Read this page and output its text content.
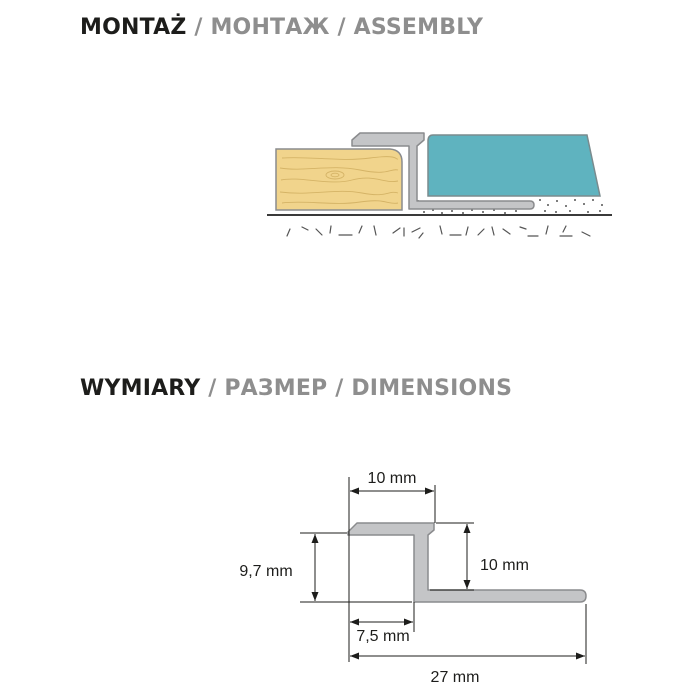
MONTAŻ / МОНТАЖ / ASSEMBLY
10 mm
9,7 mm	10 mm
7,5 mm
27 mm
WYMIARY / РАЗМЕР / DIMENSIONS
